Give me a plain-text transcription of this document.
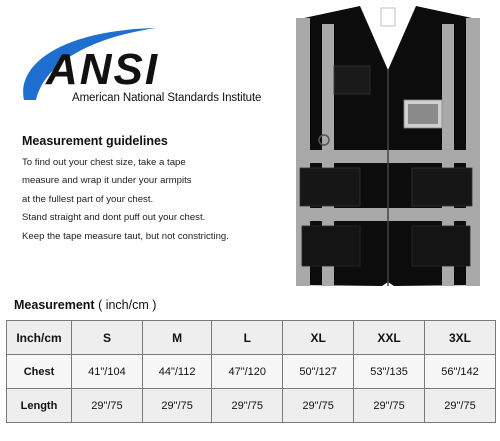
ANSI
American National Standards Institute
Measurement guidelines
To find out your chest size, take a tape
measure and wrap it under your armpits
at the fullest part of your chest.
Stand straight and dont puff out your chest.
Keep the tape measure taut, but not constricting.
Measurement ( inch/cm )
Inch/cm	S	M	L	XL	XXL	3XL
Chest	41"/104	44"/112	47"/120	50"/127	53"/135	56"/142
Length	29"/75	29"/75	29"/75	29"/75	29"/75	29"/75
